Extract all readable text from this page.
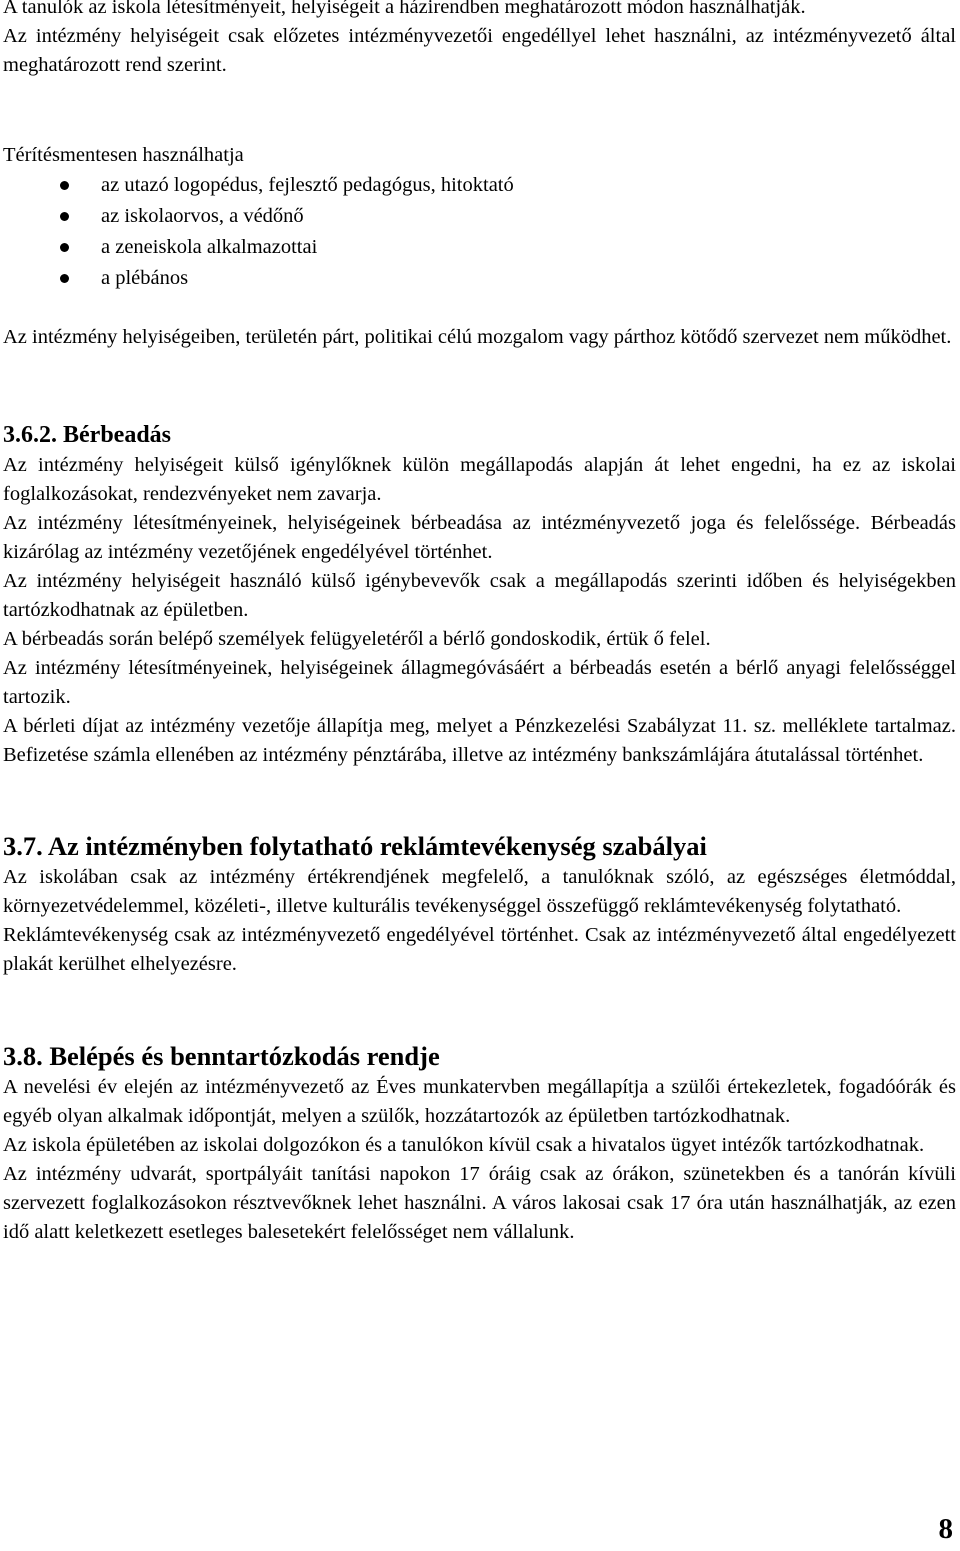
A tanulók az iskola létesítményeit, helyiségeit a házirendben meghatározott módon használhatják.

Az intézmény helyiségeit csak előzetes intézményvezetői engedéllyel lehet használni, az intézményvezető által meghatározott rend szerint.

Térítésmentesen használhatja

az utazó logopédus, fejlesztő pedagógus, hitoktató
az iskolaorvos, a védőnő
a zeneiskola alkalmazottai
a plébános

Az intézmény helyiségeiben, területén párt, politikai célú mozgalom vagy párthoz kötődő szervezet nem működhet.

3.6.2. Bérbeadás

Az intézmény helyiségeit külső igénylőknek külön megállapodás alapján át lehet engedni, ha ez az iskolai foglalkozásokat, rendezvényeket nem zavarja.

Az intézmény létesítményeinek, helyiségeinek bérbeadása az intézményvezető joga és felelőssége. Bérbeadás kizárólag az intézmény vezetőjének engedélyével történhet.

Az intézmény helyiségeit használó külső igénybevevők csak a megállapodás szerinti időben és helyiségekben tartózkodhatnak az épületben.

A bérbeadás során belépő személyek felügyeletéről a bérlő gondoskodik, értük ő felel.

Az intézmény létesítményeinek, helyiségeinek állagmegóvásáért a bérbeadás esetén a bérlő anyagi felelősséggel tartozik.

A bérleti díjat az intézmény vezetője állapítja meg, melyet a Pénzkezelési Szabályzat 11. sz. melléklete tartalmaz. Befizetése számla ellenében az intézmény pénztárába, illetve az intézmény bankszámlájára átutalással történhet.

3.7. Az intézményben folytatható reklámtevékenység szabályai

Az iskolában csak az intézmény értékrendjének megfelelő, a tanulóknak szóló, az egészséges életmóddal, környezetvédelemmel, közéleti-, illetve kulturális tevékenységgel összefüggő reklámtevékenység folytatható.

Reklámtevékenység csak az intézményvezető engedélyével történhet. Csak az intézményvezető által engedélyezett plakát kerülhet elhelyezésre.

3.8. Belépés és benntartózkodás rendje

A nevelési év elején az intézményvezető az Éves munkaterv​ben megállapítja a szülői értekezletek, fogadóórák és egyéb olyan alkalmak időpontját, melyen a szülők, hozzátartozók az épületben tartózkodhatnak.

Az iskola épületében az iskolai dolgozókon és a tanulókon kívül csak a hivatalos ügyet intézők tartózkodhatnak.

Az intézmény udvarát, sportpályáit tanítási napokon 17 óráig csak az órákon, szünetekben és a tanórán kívüli szervezett foglalkozásokon résztvevőknek lehet használni. A város lakosai csak 17 óra után használhatják, az ezen idő alatt keletkezett esetleges balesetekért felelősséget nem vállalunk.

8
